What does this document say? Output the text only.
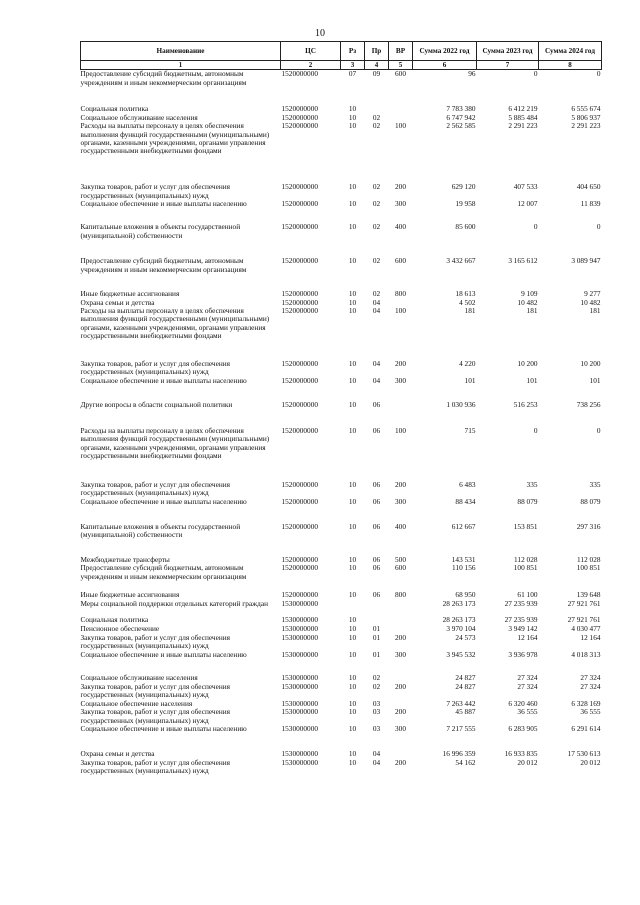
10
Наименование	ЦС	Рз	Пр	ВР	Сумма 2022 год	Сумма 2023 год	Сумма 2024 год
1	2	3	4	5	6	7	8
Предоставление субсидий бюджетным, автономным учреждениям и иным некоммерческим организациям	1520000000	07	09	600	96	0	0
Социальная политика	1520000000	10			7 783 380	6 412 219	6 555 674
Социальное обслуживание населения	1520000000	10	02		6 747 942	5 885 484	5 806 937
Расходы на выплаты персоналу в целях обеспечения выполнения функций государственными (муниципальными) органами, казенными учреждениями, органами управления государственными внебюджетными фондами	1520000000	10	02	100	2 562 585	2 291 223	2 291 223
Закупка товаров, работ и услуг для обеспечения государственных (муниципальных) нужд	1520000000	10	02	200	629 120	407 533	404 650
Социальное обеспечение и иные выплаты населению	1520000000	10	02	300	19 958	12 007	11 839
Капитальные вложения в объекты государственной (муниципальной) собственности	1520000000	10	02	400	85 600	0	0
Предоставление субсидий бюджетным, автономным учреждениям и иным некоммерческим организациям	1520000000	10	02	600	3 432 667	3 165 612	3 089 947
Иные бюджетные ассигнования	1520000000	10	02	800	18 613	9 109	9 277
Охрана семьи и детства	1520000000	10	04		4 502	10 482	10 482
Расходы на выплаты персоналу в целях обеспечения выполнения функций государственными (муниципальными) органами, казенными учреждениями, органами управления государственными внебюджетными фондами	1520000000	10	04	100	181	181	181
Закупка товаров, работ и услуг для обеспечения государственных (муниципальных) нужд	1520000000	10	04	200	4 220	10 200	10 200
Социальное обеспечение и иные выплаты населению	1520000000	10	04	300	101	101	101
Другие вопросы в области социальной политики	1520000000	10	06		1 030 936	516 253	738 256
Расходы на выплаты персоналу в целях обеспечения выполнения функций государственными (муниципальными) органами, казенными учреждениями, органами управления государственными внебюджетными фондами	1520000000	10	06	100	715	0	0
Закупка товаров, работ и услуг для обеспечения государственных (муниципальных) нужд	1520000000	10	06	200	6 483	335	335
Социальное обеспечение и иные выплаты населению	1520000000	10	06	300	88 434	88 079	88 079
Капитальные вложения в объекты государственной (муниципальной) собственности	1520000000	10	06	400	612 667	153 851	297 316
Межбюджетные трансферты	1520000000	10	06	500	143 531	112 028	112 028
Предоставление субсидий бюджетным, автономным учреждениям и иным некоммерческим организациям	1520000000	10	06	600	110 156	100 851	100 851
Иные бюджетные ассигнования	1520000000	10	06	800	68 950	61 100	139 648
Меры социальной поддержки отдельных категорий граждан	1530000000				28 263 173	27 235 939	27 921 761
Социальная политика	1530000000	10			28 263 173	27 235 939	27 921 761
Пенсионное обеспечение	1530000000	10	01		3 970 104	3 949 142	4 030 477
Закупка товаров, работ и услуг для обеспечения государственных (муниципальных) нужд	1530000000	10	01	200	24 573	12 164	12 164
Социальное обеспечение и иные выплаты населению	1530000000	10	01	300	3 945 532	3 936 978	4 018 313
Социальное обслуживание населения	1530000000	10	02		24 827	27 324	27 324
Закупка товаров, работ и услуг для обеспечения государственных (муниципальных) нужд	1530000000	10	02	200	24 827	27 324	27 324
Социальное обеспечение населения	1530000000	10	03		7 263 442	6 320 460	6 328 169
Закупка товаров, работ и услуг для обеспечения государственных (муниципальных) нужд	1530000000	10	03	200	45 887	36 555	36 555
Социальное обеспечение и иные выплаты населению	1530000000	10	03	300	7 217 555	6 283 905	6 291 614
Охрана семьи и детства	1530000000	10	04		16 996 359	16 933 835	17 530 613
Закупка товаров, работ и услуг для обеспечения государственных (муниципальных) нужд	1530000000	10	04	200	54 162	20 012	20 012
